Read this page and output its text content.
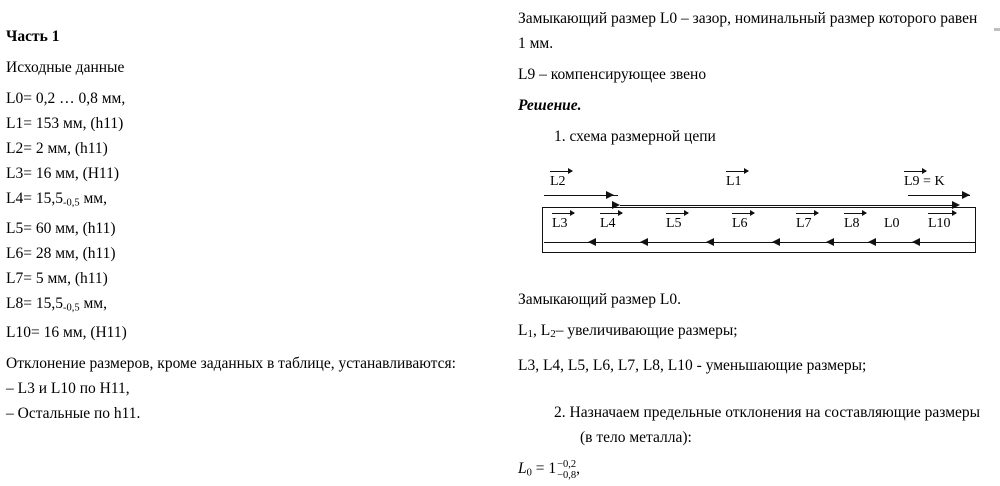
Часть 1
Исходные данные
L0= 0,2 … 0,8 мм,
L1= 153 мм, (h11)
L2= 2 мм, (h11)
L3= 16 мм, (H11)
$L4= 15,5_{-0,5}$ мм,
L5= 60 мм, (h11)
L6= 28 мм, (h11)
L7= 5 мм, (h11)
$L8= 15,5_{-0,5}$ мм,
L10= 16 мм, (H11)
Отклонение размеров, кроме заданных в таблице, устанавливаются:
– L3 и L10 по H11,
– Остальные по h11.
Замыкающий размер L0 – зазор, номинальный размер которого равен
1 мм.
L9 – компенсирующее звено
Решение.
1. схема размерной цепи
L2	L1	L9 = K
L3 L4	L5	L6	L7 L8 L0 L10
Замыкающий размер L0.
L1, L2– увеличивающие размеры;
L3, L4, L5, L6, L7, L8, L10 - уменьшающие размеры;
2. Назначаем предельные отклонения на составляющие размеры
(в тело металла):
$L_0 = 1 -0,2$
−0,8 ,
